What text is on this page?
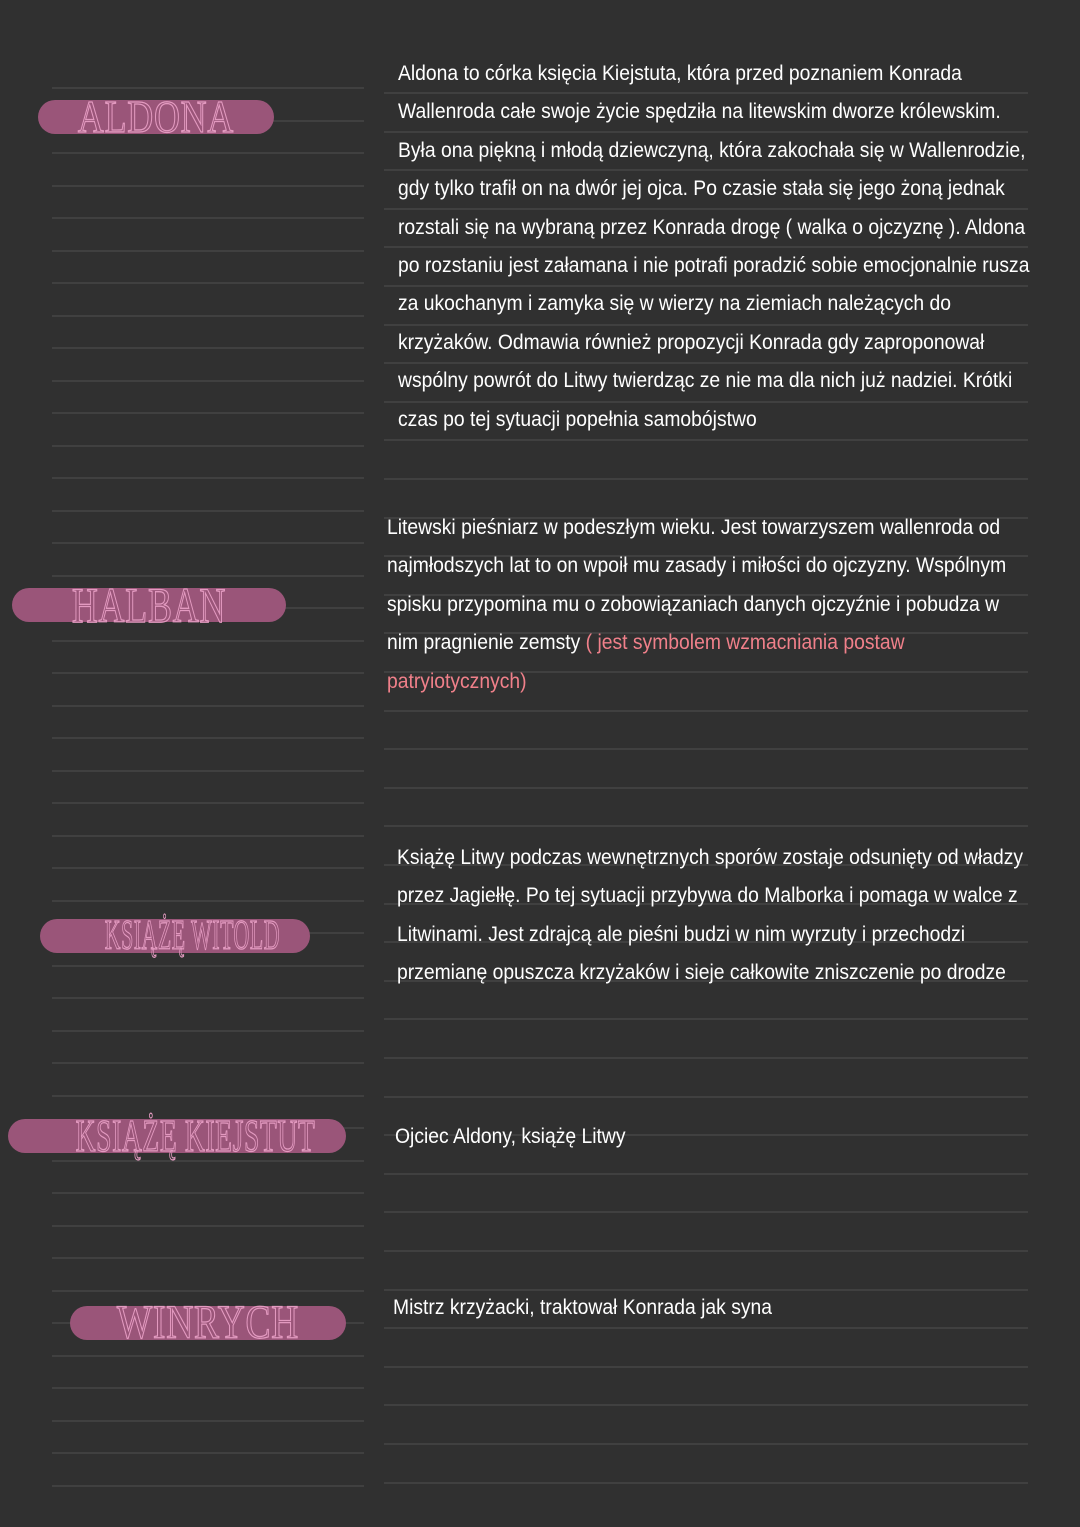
ALDONA

Aldona to córka księcia Kiejstuta, która przed poznaniem Konrada Wallenroda całe swoje życie spędziła na litewskim dworze królewskim. Była ona piękną i młodą dziewczyną, która zakochała się w Wallenrodzie, gdy tylko trafił on na dwór jej ojca. Po czasie stała się jego żoną jednak rozstali się na wybraną przez Konrada drogę ( walka o ojczyznę ). Aldona po rozstaniu jest załamana i nie potrafi poradzić sobie emocjonalnie rusza za ukochanym i zamyka się w wierzy na ziemiach należących do krzyżaków. Odmawia również propozycji Konrada gdy zaproponował wspólny powrót do Litwy twierdząc ze nie ma dla nich już nadziei. Krótki czas po tej sytuacji popełnia samobójstwo

HALBAN

Litewski pieśniarz w podeszłym wieku. Jest towarzyszem wallenroda od najmłodszych lat to on wpoił mu zasady i miłości do ojczyzny. Wspólnym spisku przypomina mu o zobowiązaniach danych ojczyźnie i pobudza w nim pragnienie zemsty ( jest symbolem wzmacniania postaw patryiotycznych)

KSIĄŻĘ WITOLD

Książę Litwy podczas wewnętrznych sporów zostaje odsunięty od władzy przez Jagiełłę. Po tej sytuacji przybywa do Malborka i pomaga w walce z Litwinami. Jest zdrajcą ale pieśni budzi w nim wyrzuty i przechodzi przemianę opuszcza krzyżaków i sieje całkowite zniszczenie po drodze

KSIĄŻĘ KIEJSTUT	Ojciec Aldony, książę Litwy

WINRYCH	Mistrz krzyżacki, traktował Konrada jak syna
